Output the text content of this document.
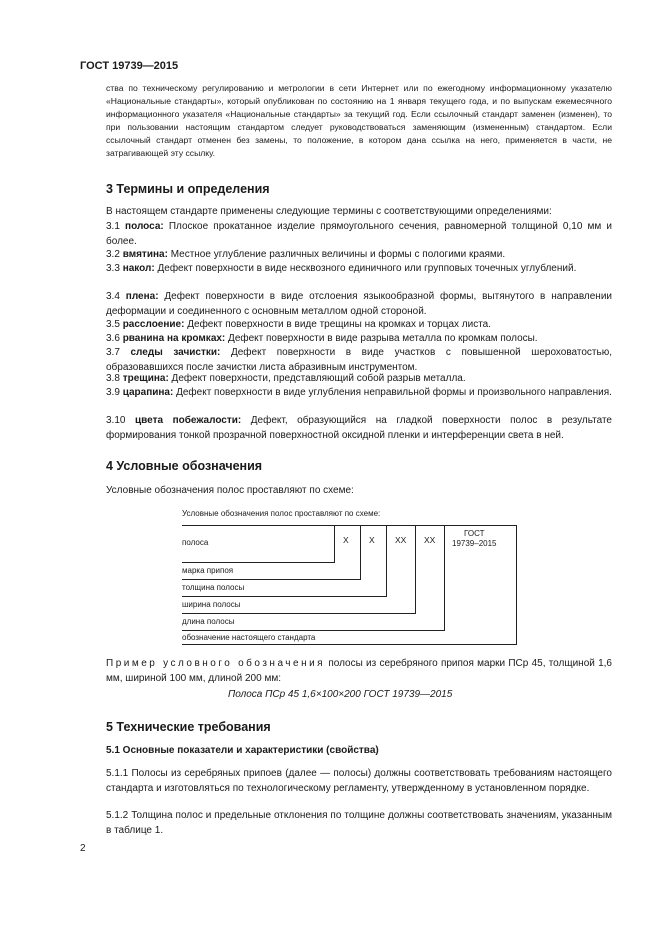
ГОСТ 19739—2015
ства по техническому регулированию и метрологии в сети Интернет или по ежегодному информационному указателю «Национальные стандарты», который опубликован по состоянию на 1 января текущего года, и по выпускам ежемесячного информационного указателя «Национальные стандарты» за текущий год. Если ссылочный стандарт заменен (изменен), то при пользовании настоящим стандартом следует руководствоваться заменяющим (измененным) стандартом. Если ссылочный стандарт отменен без замены, то положение, в котором дана ссылка на него, применяется в части, не затрагивающей эту ссылку.
3 Термины и определения
В настоящем стандарте применены следующие термины с соответствующими определениями:
3.1 полоса: Плоское прокатанное изделие прямоугольного сечения, равномерной толщиной 0,10 мм и более.
3.2 вмятина: Местное углубление различных величины и формы с пологими краями.
3.3 накол: Дефект поверхности в виде несквозного единичного или групповых точечных углублений.
3.4 плена: Дефект поверхности в виде отслоения языкообразной формы, вытянутого в направлении деформации и соединенного с основным металлом одной стороной.
3.5 расслоение: Дефект поверхности в виде трещины на кромках и торцах листа.
3.6 рванина на кромках: Дефект поверхности в виде разрыва металла по кромкам полосы.
3.7 следы зачистки: Дефект поверхности в виде участков с повышенной шероховатостью, образовавшихся после зачистки листа абразивным инструментом.
3.8 трещина: Дефект поверхности, представляющий собой разрыв металла.
3.9 царапина: Дефект поверхности в виде углубления неправильной формы и произвольного направления.
3.10 цвета побежалости: Дефект, образующийся на гладкой поверхности полос в результате формирования тонкой прозрачной поверхностной оксидной пленки и интерференции света в ней.
4 Условные обозначения
Условные обозначения полос проставляют по схеме:
Условные обозначения полос проставляют по схеме:
полоса
марка припоя
толщина полосы
ширина полосы
длина полосы
обозначение настоящего стандарта
X X XX XX
ГОСТ
19739–2015
Пример условного обозначения полосы из серебряного припоя марки ПСр 45, толщиной 1,6 мм, шириной 100 мм, длиной 200 мм:
Полоса ПСр 45 1,6×100×200 ГОСТ 19739—2015
5 Технические требования
5.1 Основные показатели и характеристики (свойства)
5.1.1 Полосы из серебряных припоев (далее — полосы) должны соответствовать требованиям настоящего стандарта и изготовляться по технологическому регламенту, утвержденному в установленном порядке.
5.1.2 Толщина полос и предельные отклонения по толщине должны соответствовать значениям, указанным в таблице 1.
2
